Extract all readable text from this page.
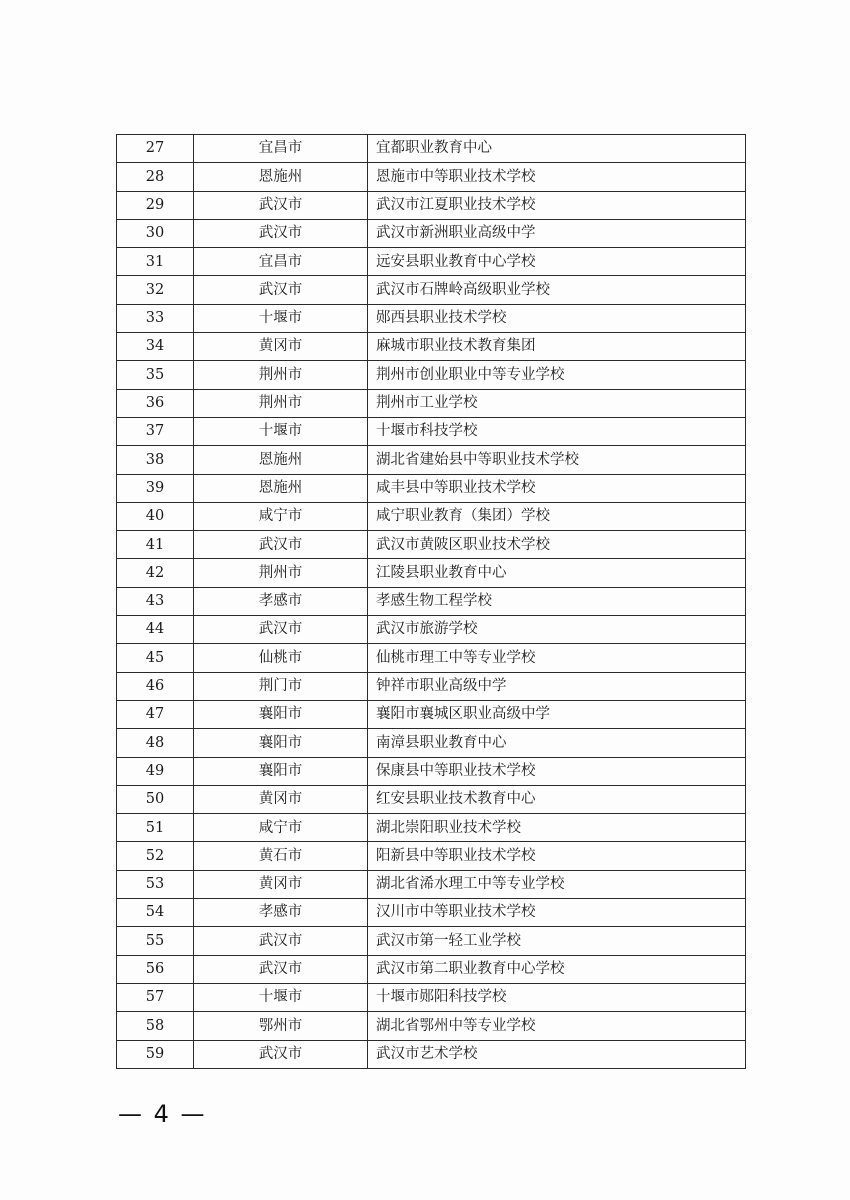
27	宜昌市	宜都职业教育中心
28	恩施州	恩施市中等职业技术学校
29	武汉市	武汉市江夏职业技术学校
30	武汉市	武汉市新洲职业高级中学
31	宜昌市	远安县职业教育中心学校
32	武汉市	武汉市石牌岭高级职业学校
33	十堰市	郧西县职业技术学校
34	黄冈市	麻城市职业技术教育集团
35	荆州市	荆州市创业职业中等专业学校
36	荆州市	荆州市工业学校
37	十堰市	十堰市科技学校
38	恩施州	湖北省建始县中等职业技术学校
39	恩施州	咸丰县中等职业技术学校
40	咸宁市	咸宁职业教育（集团）学校
41	武汉市	武汉市黄陂区职业技术学校
42	荆州市	江陵县职业教育中心
43	孝感市	孝感生物工程学校
44	武汉市	武汉市旅游学校
45	仙桃市	仙桃市理工中等专业学校
46	荆门市	钟祥市职业高级中学
47	襄阳市	襄阳市襄城区职业高级中学
48	襄阳市	南漳县职业教育中心
49	襄阳市	保康县中等职业技术学校
50	黄冈市	红安县职业技术教育中心
51	咸宁市	湖北崇阳职业技术学校
52	黄石市	阳新县中等职业技术学校
53	黄冈市	湖北省浠水理工中等专业学校
54	孝感市	汉川市中等职业技术学校
55	武汉市	武汉市第一轻工业学校
56	武汉市	武汉市第二职业教育中心学校
57	十堰市	十堰市郧阳科技学校
58	鄂州市	湖北省鄂州中等专业学校
59	武汉市	武汉市艺术学校
— 4 —
